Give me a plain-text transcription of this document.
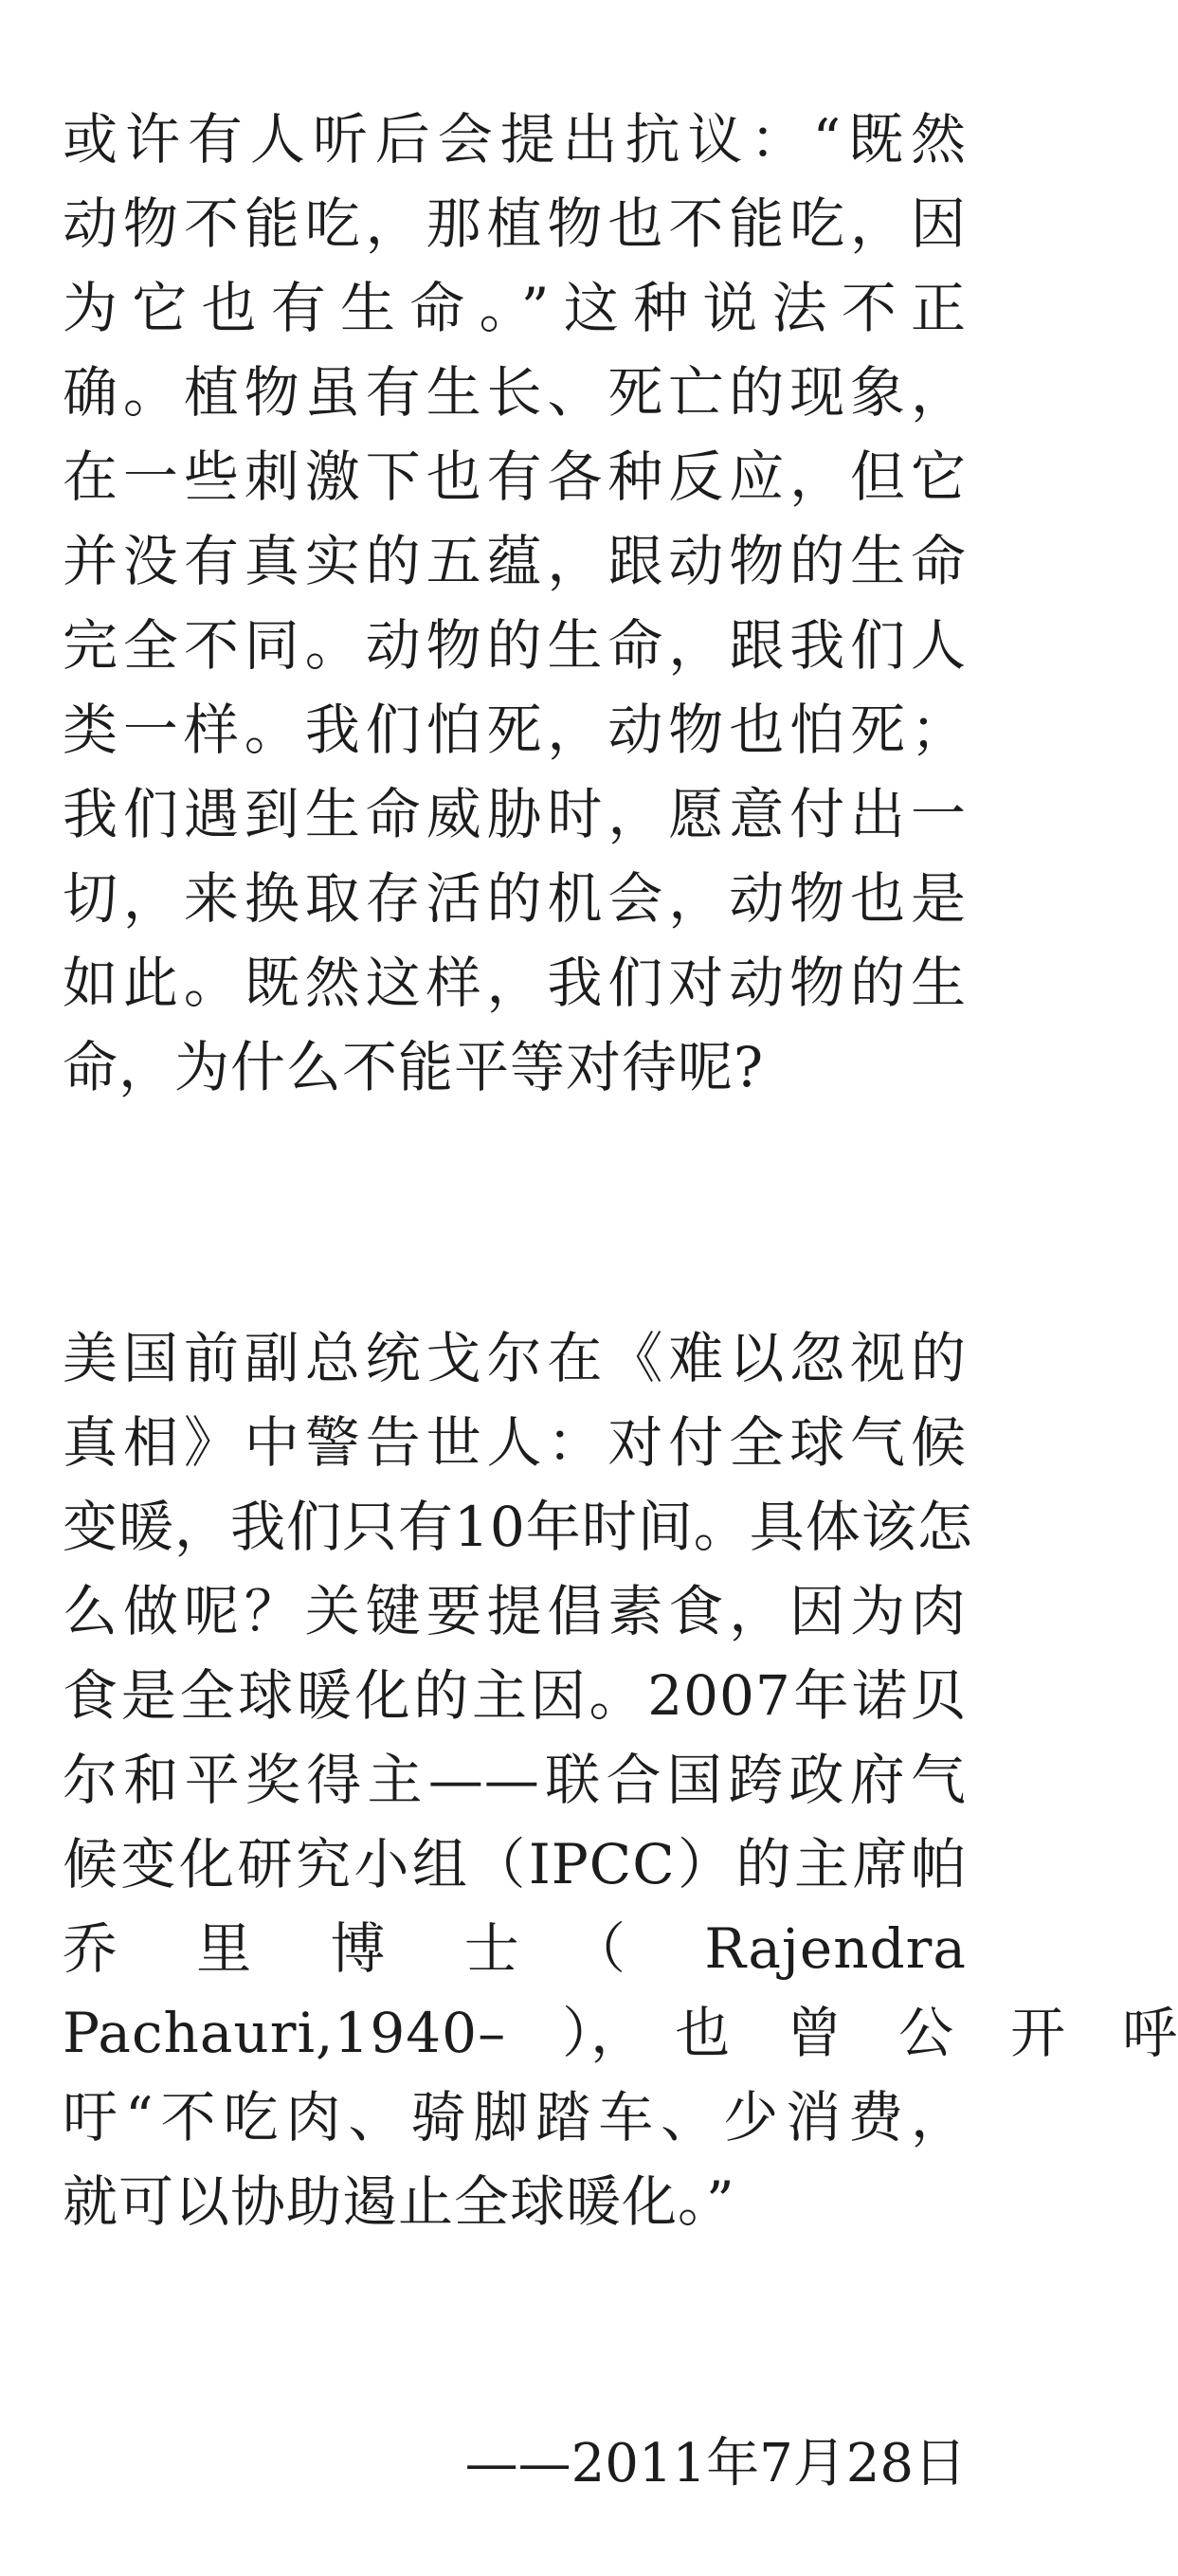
或许有人听后会提出抗议：“既然
动物不能吃，那植物也不能吃，因
为它也有生命。”这种说法不正
确。植物虽有生长、死亡的现象，
在一些刺激下也有各种反应，但它
并没有真实的五蕴，跟动物的生命
完全不同。动物的生命，跟我们人
类一样。我们怕死，动物也怕死；
我们遇到生命威胁时，愿意付出一
切，来换取存活的机会，动物也是
如此。既然这样，我们对动物的生
命，为什么不能平等对待呢?
美国前副总统戈尔在《难以忽视的
真相》中警告世人：对付全球气候
变暖，我们只有10年时间。具体该怎
么做呢？关键要提倡素食，因为肉
食是全球暖化的主因。2007年诺贝
尔和平奖得主——联合国跨政府气
候变化研究小组（IPCC）的主席帕
乔　里　博　士　（　Rajendra
Pachauri,1940–　），　也　曾　公　开　呼
吁“不吃肉、骑脚踏车、少消费，
就可以协助遏止全球暖化。”
——2011年7月28日
